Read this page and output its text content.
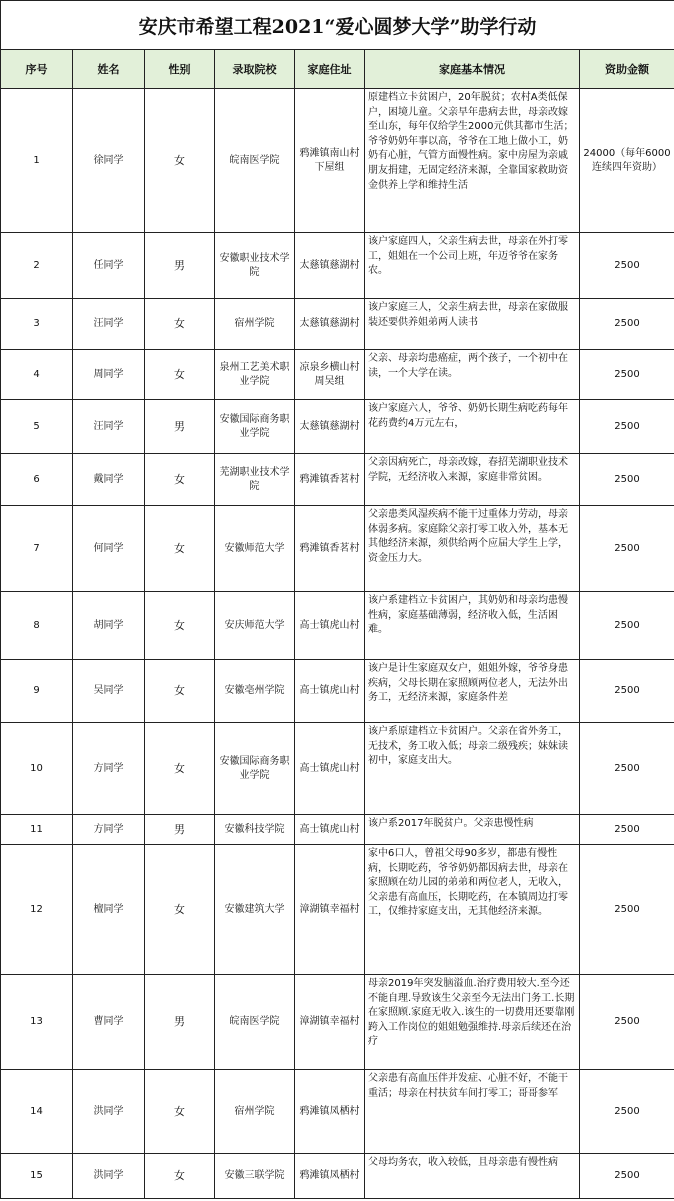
安庆市希望工程2021“爱心圆梦大学”助学行动						
序号	姓名	性别	录取院校	家庭住址	家庭基本情况	资助金额
1	徐同学	女	皖南医学院	鸦滩镇南山村下屋组	原建档立卡贫困户，20年脱贫；农村A类低保户，困境儿童。父亲早年患病去世，母亲改嫁至山东，每年仅给学生2000元供其都市生活；爷爷奶奶年事以高，爷爷在工地上做小工，奶奶有心脏，气管方面慢性病。家中房屋为亲戚朋友捐建，无固定经济来源，全靠国家救助资金供养上学和维持生活	24000（每年6000连续四年资助）
2	任同学	男	安徽职业技术学院	太慈镇慈湖村	该户家庭四人，父亲生病去世，母亲在外打零工，姐姐在一个公司上班，年迈爷爷在家务农。	2500
3	汪同学	女	宿州学院	太慈镇慈湖村	该户家庭三人，父亲生病去世，母亲在家做服装还要供养姐弟两人读书	2500
4	周同学	女	泉州工艺美术职业学院	凉泉乡横山村周吴组	父亲、母亲均患癌症，两个孩子，一个初中在读，一个大学在读。	2500
5	汪同学	男	安徽国际商务职业学院	太慈镇慈湖村	该户家庭六人，爷爷、奶奶长期生病吃药每年花药费约4万元左右，	2500
6	戴同学	女	芜湖职业技术学院	鸦滩镇香茗村	父亲因病死亡，母亲改嫁，春招芜湖职业技术学院，无经济收入来源，家庭非常贫困。	2500
7	何同学	女	安徽师范大学	鸦滩镇香茗村	父亲患类风湿疾病不能干过重体力劳动，母亲体弱多病。家庭除父亲打零工收入外，基本无其他经济来源，须供给两个应届大学生上学，资金压力大。	2500
8	胡同学	女	安庆师范大学	高士镇虎山村	该户系建档立卡贫困户，其奶奶和母亲均患慢性病，家庭基础薄弱，经济收入低，生活困难。	2500
9	吴同学	女	安徽亳州学院	高士镇虎山村	该户是计生家庭双女户，姐姐外嫁，爷爷身患疾病，父母长期在家照顾两位老人，无法外出务工，无经济来源，家庭条件差	2500
10	方同学	女	安徽国际商务职业学院	高士镇虎山村	该户系原建档立卡贫困户。父亲在省外务工，无技术，务工收入低；母亲二级残疾；妹妹读初中，家庭支出大。	2500
11	方同学	男	安徽科技学院	高士镇虎山村	该户系2017年脱贫户。父亲患慢性病	2500
12	檀同学	女	安徽建筑大学	漳湖镇幸福村	家中6口人，曾祖父母90多岁，都患有慢性病，长期吃药，爷爷奶奶都因病去世，母亲在家照顾在幼儿园的弟弟和两位老人，无收入，父亲患有高血压，长期吃药，在本镇周边打零工，仅维持家庭支出，无其他经济来源。	2500
13	曹同学	男	皖南医学院	漳湖镇幸福村	母亲2019年突发脑溢血.治疗费用较大.至今还不能自理.导致该生父亲至今无法出门务工.长期在家照顾.家庭无收入.该生的一切费用还要靠刚跨入工作岗位的姐姐勉强维持.母亲后续还在治疗	2500
14	洪同学	女	宿州学院	鸦滩镇凤栖村	父亲患有高血压伴并发症、心脏不好，不能干重活；母亲在村扶贫车间打零工；哥哥参军	2500
15	洪同学	女	安徽三联学院	鸦滩镇凤栖村	父母均务农，收入较低，且母亲患有慢性病	2500
